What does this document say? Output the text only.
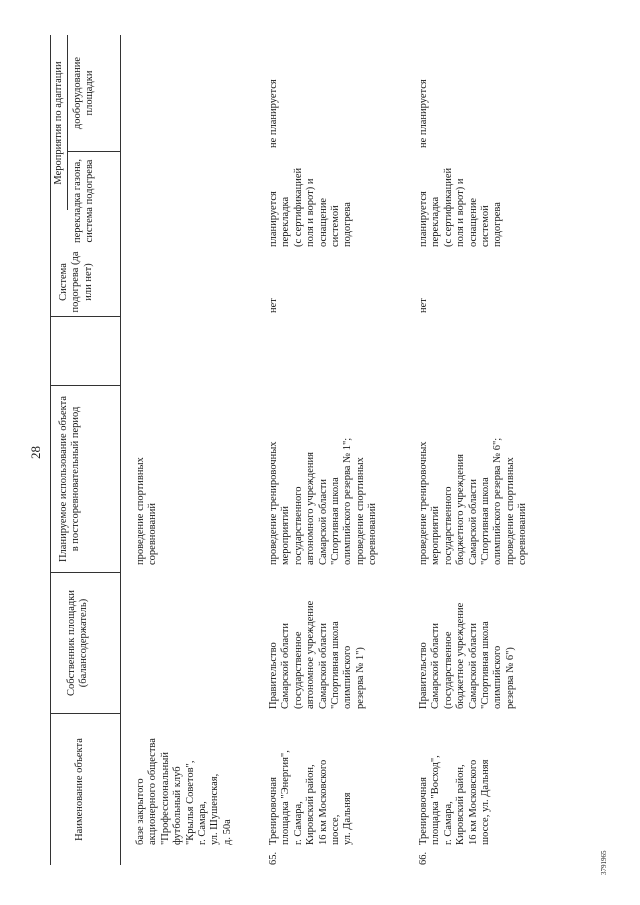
28
3791965
Наименование объекта
Собственник площадки (балансодержатель)
Планируемое использование объекта в постсоревновательный период
Система подогрева (да или нет)
Мероприятия по адаптации
перекладка газона, система подогрева
дооборудование площадки
базе закрытого акционерного общества "Профессиональный футбольный клуб "Крылья Советов", г. Самара, ул. Шушенская, д. 50а
проведение спортивных соревнований
65.
Тренировочная площадка "Энергия", г. Самара, Кировский район, 16 км Московского шоссе, ул. Дальняя
Правительство Самарской области (государственное автономное учреждение Самарской области "Спортивная школа олимпийского резерва № 1")
проведение тренировочных мероприятий государственного автономного учреждения Самарской области "Спортивная школа олимпийского резерва № 1"; проведение спортивных соревнований
нет
планируется перекладка (с сертификацией поля и ворот) и оснащение системой подогрева
не планируется
66.
Тренировочная площадка "Восход", г. Самара, Кировский район, 16 км Московского шоссе, ул. Дальняя
Правительство Самарской области (государственное бюджетное учреждение Самарской области "Спортивная школа олимпийского резерва № 6")
проведение тренировочных мероприятий государственного бюджетного учреждения Самарской области "Спортивная школа олимпийского резерва № 6"; проведение спортивных соревнований
нет
планируется перекладка (с сертификацией поля и ворот) и оснащение системой подогрева
не планируется
